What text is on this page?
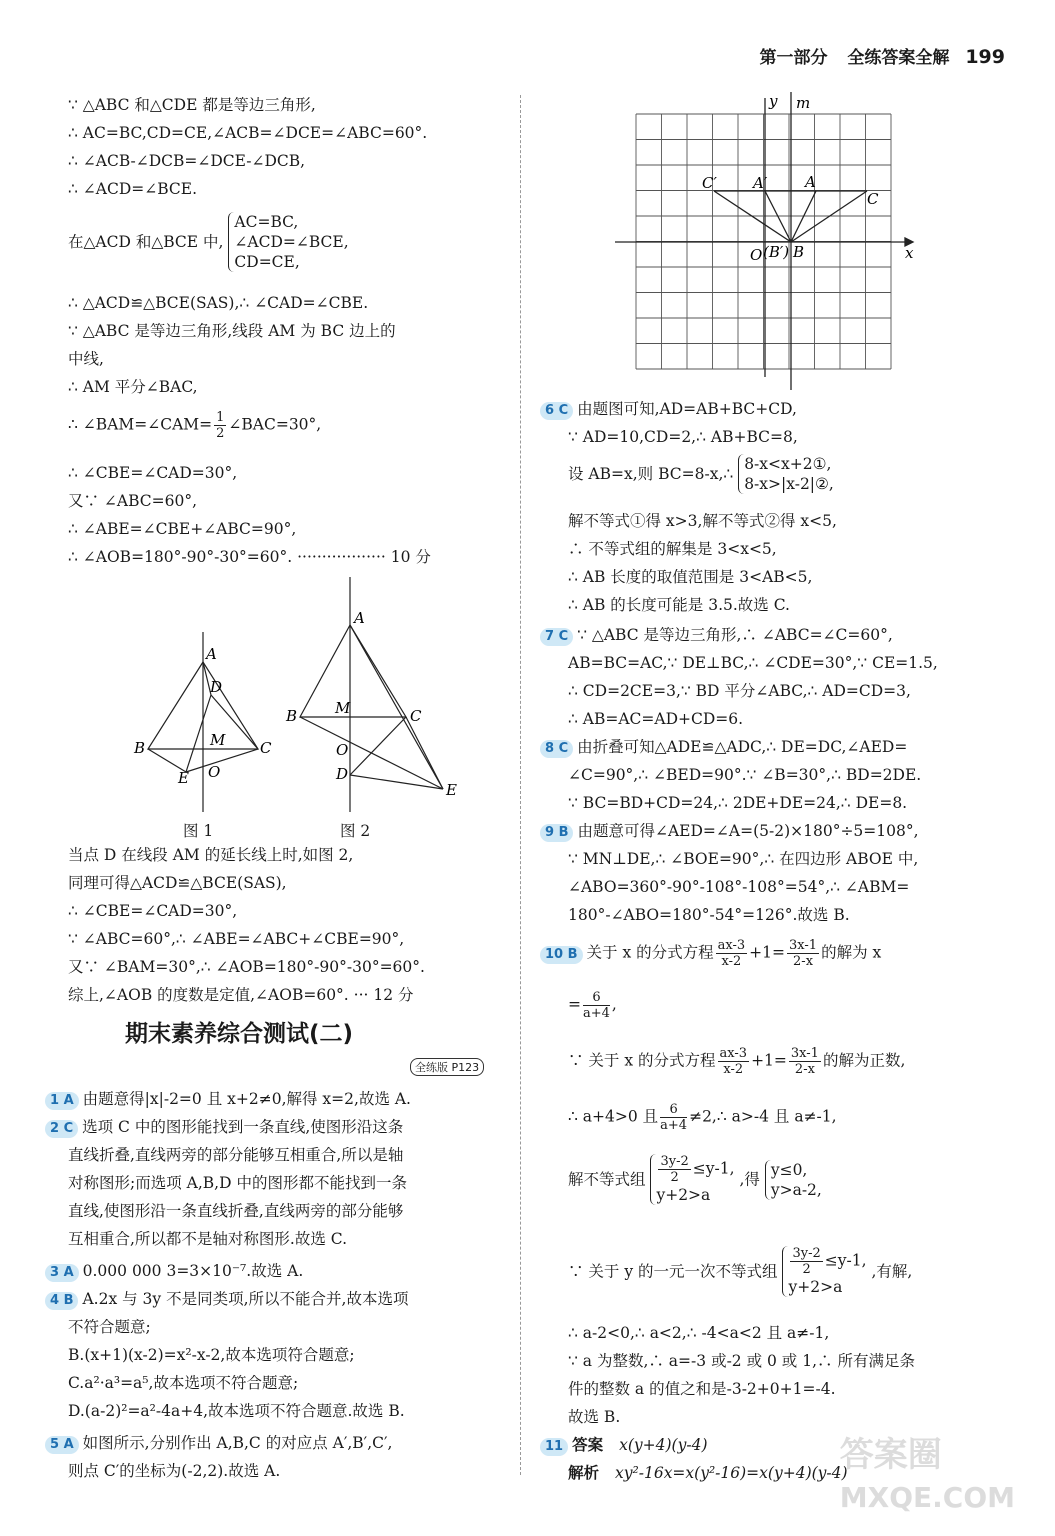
第一部分 全练答案全解 199
∵ △ABC 和△CDE 都是等边三角形,
∴ AC=BC,CD=CE,∠ACB=∠DCE=∠ABC=60°.
∴ ∠ACB-∠DCB=∠DCE-∠DCB,
∴ ∠ACD=∠BCE.
在△ACD 和△BCE 中,
AC=BC,
∠ACD=∠BCE,
CD=CE,
∴ △ACD≌△BCE(SAS),∴ ∠CAD=∠CBE.
∵ △ABC 是等边三角形,线段 AM 为 BC 边上的
中线,
∴ AM 平分∠BAC,
∴ ∠BAM=∠CAM= $\frac{1}{2}$ ∠BAC=30°,
∴ ∠CBE=∠CAD=30°,
又∵ ∠ABC=60°,
∴ ∠ABE=∠CBE+∠ABC=90°,
∴ ∠AOB=180°-90°-30°=60°. ·················· 10 分
A
D
M
B	C
E O
A
M
B	C
O
D
E
图 1	图 2
当点 D 在线段 AM 的延长线上时,如图 2,
同理可得△ACD≌△BCE(SAS),
∴ ∠CBE=∠CAD=30°,
∵ ∠ABC=60°,∴ ∠ABE=∠ABC+∠CBE=90°,
又∵ ∠BAM=30°,∴ ∠AOB=180°-90°-30°=60°.
综上,∠AOB 的度数是定值,∠AOB=60°. ··· 12 分
期末素养综合测试(二)
全练版 P123
1 A 由题意得|x|-2=0 且 x+2≠0,解得 x=2,故选 A.
2 C 选项 C 中的图形能找到一条直线,使图形沿这条
直线折叠,直线两旁的部分能够互相重合,所以是轴
对称图形;而选项 A,B,D 中的图形都不能找到一条
直线,使图形沿一条直线折叠,直线两旁的部分能够
互相重合,所以都不是轴对称图形.故选 C.
3 A 0.000 000 3=3×10⁻⁷.故选 A.
4 B A.2x 与 3y 不是同类项,所以不能合并,故本选项
不符合题意;
B.(x+1)(x-2)=x²-x-2,故本选项符合题意;
C.a²·a³=a⁵,故本选项不符合题意;
D.(a-2)²=a²-4a+4,故本选项不符合题意.故选 B.
5 A 如图所示,分别作出 A,B,C 的对应点 A′,B′,C′,
则点 C′的坐标为(-2,2).故选 A.
y m
x
O (B′) B
C′ A′	A
C
6 C 由题图可知,AD=AB+BC+CD,
∵ AD=10,CD=2,∴ AB+BC=8,
设 AB=x,则 BC=8-x,∴
8-x<x+2①,
8-x>|x-2|②,
解不等式①得 x>3,解不等式②得 x<5,
∴ 不等式组的解集是 3<x<5,
∴ AB 长度的取值范围是 3<AB<5,
∴ AB 的长度可能是 3.5.故选 C.
7 C ∵ △ABC 是等边三角形,∴ ∠ABC=∠C=60°,
AB=BC=AC,∵ DE⊥BC,∴ ∠CDE=30°,∵ CE=1.5,
∴ CD=2CE=3,∵ BD 平分∠ABC,∴ AD=CD=3,
∴ AB=AC=AD+CD=6.
8 C 由折叠可知△ADE≌△ADC,∴ DE=DC,∠AED=
∠C=90°,∴ ∠BED=90°.∵ ∠B=30°,∴ BD=2DE.
∵ BC=BD+CD=24,∴ 2DE+DE=24,∴ DE=8.
9 B 由题意可得∠AED=∠A=(5-2)×180°÷5=108°,
∵ MN⊥DE,∴ ∠BOE=90°,∴ 在四边形 ABOE 中,
∠ABO=360°-90°-108°-108°=54°,∴ ∠ABM=
180°-∠ABO=180°-54°=126°.故选 B.
10 B 关于 x 的分式方程 $\frac{ax-3}{x-2} +1= \frac{3x-1}{2-x}$ 的解为 x
= $\frac{6}{a+4}$ ,
∵ 关于 x 的分式方程 $\frac{ax-3}{x-2} +1= \frac{3x-1}{2-x}$ 的解为正数,
∴ a+4>0 且 $\frac{6}{a+4}$ ≠2,∴ a>-4 且 a≠-1,
解不等式组 $\frac{3y-2}{2} \le y-1$,
y+2>a
,得
y≤0,
y>a-2,
∵ 关于 y 的一元一次不等式组 $\frac{3y-2}{2} \le y-1$,
y+2>a
,有解,
∴ a-2<0,∴ a<2,∴ -4<a<2 且 a≠-1,
∵ a 为整数,∴ a=-3 或-2 或 0 或 1,∴ 所有满足条
件的整数 a 的值之和是-3-2+0+1=-4.
故选 B.
11 答案 x(y+4)(y-4)
解析 xy²-16x=x(y²-16)=x(y+4)(y-4)
答案圈
MXQE.COM
